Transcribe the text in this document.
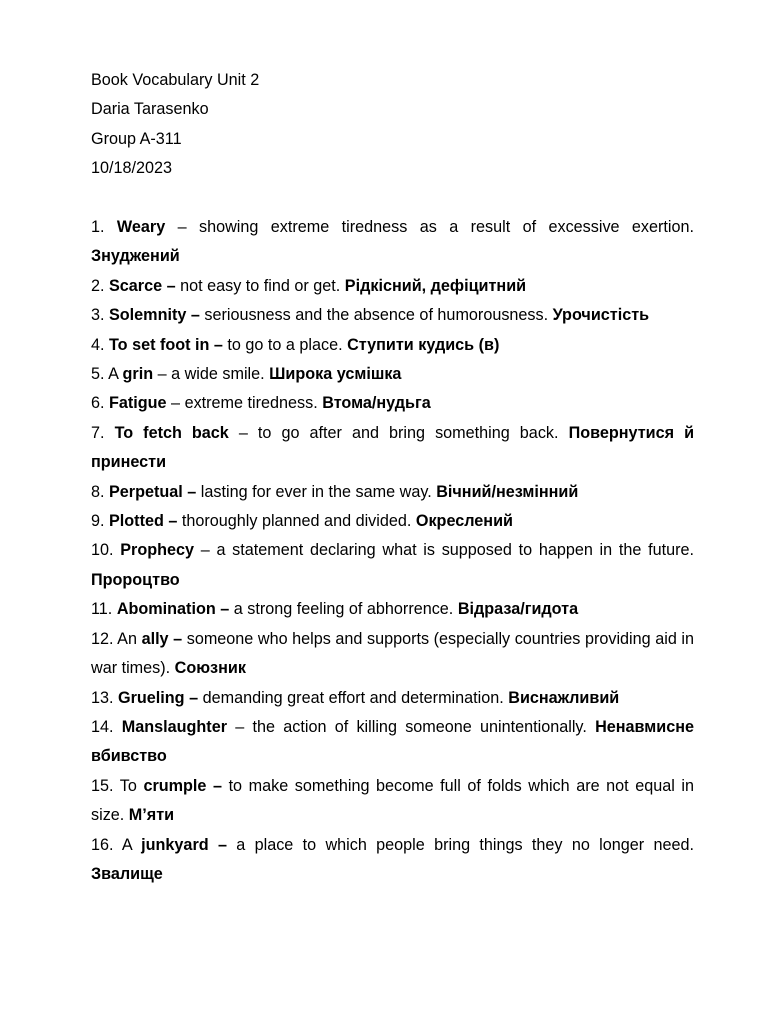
Book Vocabulary Unit 2
Daria Tarasenko
Group A-311
10/18/2023
1. Weary – showing extreme tiredness as a result of excessive exertion. Знуджений
2. Scarce – not easy to find or get. Рідкісний, дефіцитний
3. Solemnity – seriousness and the absence of humorousness. Урочистість
4. To set foot in – to go to a place. Ступити кудись (в)
5. A grin – a wide smile. Широка усмішка
6. Fatigue – extreme tiredness. Втома/нудьга
7. To fetch back – to go after and bring something back. Повернутися й принести
8. Perpetual – lasting for ever in the same way. Вічний/незмінний
9. Plotted – thoroughly planned and divided. Окреслений
10. Prophecy – a statement declaring what is supposed to happen in the future. Пророцтво
11. Abomination – a strong feeling of abhorrence. Відраза/гидота
12. An ally – someone who helps and supports (especially countries providing aid in war times). Союзник
13. Grueling – demanding great effort and determination. Виснажливий
14. Manslaughter – the action of killing someone unintentionally. Ненавмисне вбивство
15. To crumple – to make something become full of folds which are not equal in size. М’яти
16. A junkyard – a place to which people bring things they no longer need. Звалище
